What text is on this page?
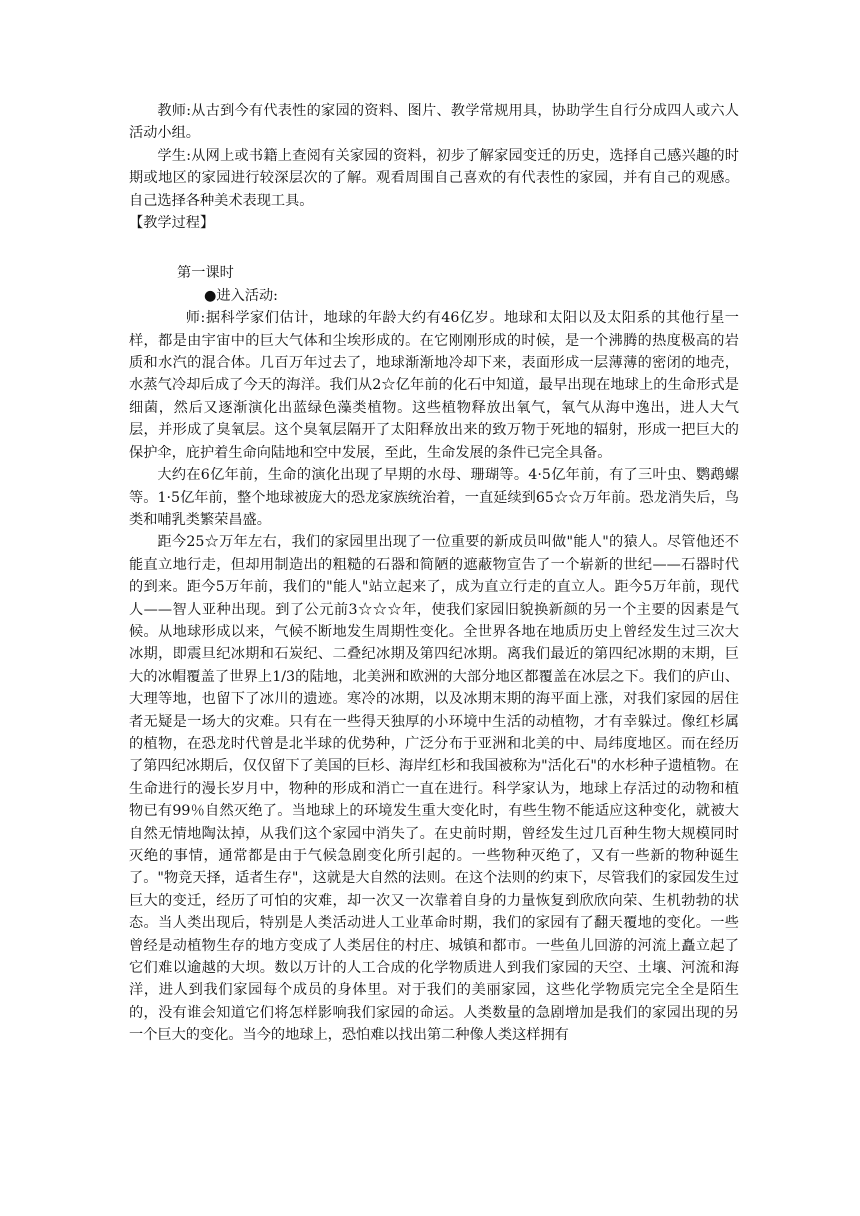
教师:从古到今有代表性的家园的资料、图片、教学常规用具，协助学生自行分成四人或六人活动小组。

学生:从网上或书籍上查阅有关家园的资料，初步了解家园变迁的历史，选择自己感兴趣的时期或地区的家园进行较深层次的了解。观看周围自己喜欢的有代表性的家园，并有自己的观感。自己选择各种美术表现工具。

【教学过程】

第一课时

●进入活动:

师:据科学家们估计，地球的年龄大约有46亿岁。地球和太阳以及太阳系的其他行星一样，都是由宇宙中的巨大气体和尘埃形成的。在它刚刚形成的时候，是一个沸腾的热度极高的岩质和水汽的混合体。几百万年过去了，地球渐渐地冷却下来，表面形成一层薄薄的密闭的地壳，水蒸气冷却后成了今天的海洋。我们从2☆亿年前的化石中知道，最早出现在地球上的生命形式是细菌，然后又逐渐演化出蓝绿色藻类植物。这些植物释放出氧气，氧气从海中逸出，进人大气层，并形成了臭氧层。这个臭氧层隔开了太阳释放出来的致万物于死地的辐射，形成一把巨大的保护伞，庇护着生命向陆地和空中发展，至此，生命发展的条件已完全具备。

大约在6亿年前，生命的演化出现了早期的水母、珊瑚等。4·5亿年前，有了三叶虫、鹦鹉螺等。1·5亿年前，整个地球被庞大的恐龙家族统治着，一直延续到65☆☆万年前。恐龙消失后，鸟类和哺乳类繁荣昌盛。

距今25☆万年左右，我们的家园里出现了一位重要的新成员叫做"能人"的猿人。尽管他还不能直立地行走，但却用制造出的粗糙的石器和简陋的遮蔽物宣告了一个崭新的世纪——石器时代的到来。距今5万年前，我们的"能人"站立起来了，成为直立行走的直立人。距今5万年前，现代人——智人亚种出现。到了公元前3☆☆☆年，使我们家园旧貌换新颜的另一个主要的因素是气候。从地球形成以来，气候不断地发生周期性变化。全世界各地在地质历史上曾经发生过三次大冰期，即震旦纪冰期和石炭纪、二叠纪冰期及第四纪冰期。离我们最近的第四纪冰期的末期，巨大的冰帽覆盖了世界上1/3的陆地，北美洲和欧洲的大部分地区都覆盖在冰层之下。我们的庐山、大理等地，也留下了冰川的遗迹。寒冷的冰期，以及冰期末期的海平面上涨，对我们家园的居住者无疑是一场大的灾难。只有在一些得天独厚的小环境中生活的动植物，才有幸躲过。像红杉属的植物，在恐龙时代曾是北半球的优势种，广泛分布于亚洲和北美的中、局纬度地区。而在经历了第四纪冰期后，仅仅留下了美国的巨杉、海岸红杉和我国被称为"活化石"的水杉种子遗植物。在生命进行的漫长岁月中，物种的形成和消亡一直在进行。科学家认为，地球上存活过的动物和植物已有99％自然灭绝了。当地球上的环境发生重大变化时，有些生物不能适应这种变化，就被大自然无情地陶汰掉，从我们这个家园中消失了。在史前时期，曾经发生过几百种生物大规模同时灭绝的事情，通常都是由于气候急剧变化所引起的。一些物种灭绝了，又有一些新的物种诞生了。"物竞天择，适者生存"，这就是大自然的法则。在这个法则的约束下，尽管我们的家园发生过巨大的变迁，经历了可怕的灾难，却一次又一次靠着自身的力量恢复到欣欣向荣、生机勃勃的状态。当人类出现后，特别是人类活动进人工业革命时期，我们的家园有了翻天覆地的变化。一些曾经是动植物生存的地方变成了人类居住的村庄、城镇和都市。一些鱼儿回游的河流上矗立起了它们难以逾越的大坝。数以万计的人工合成的化学物质进人到我们家园的天空、土壤、河流和海洋，进人到我们家园每个成员的身体里。对于我们的美丽家园，这些化学物质完完全全是陌生的，没有谁会知道它们将怎样影响我们家园的命运。人类数量的急剧增加是我们的家园出现的另一个巨大的变化。当今的地球上，恐怕难以找出第二种像人类这样拥有
